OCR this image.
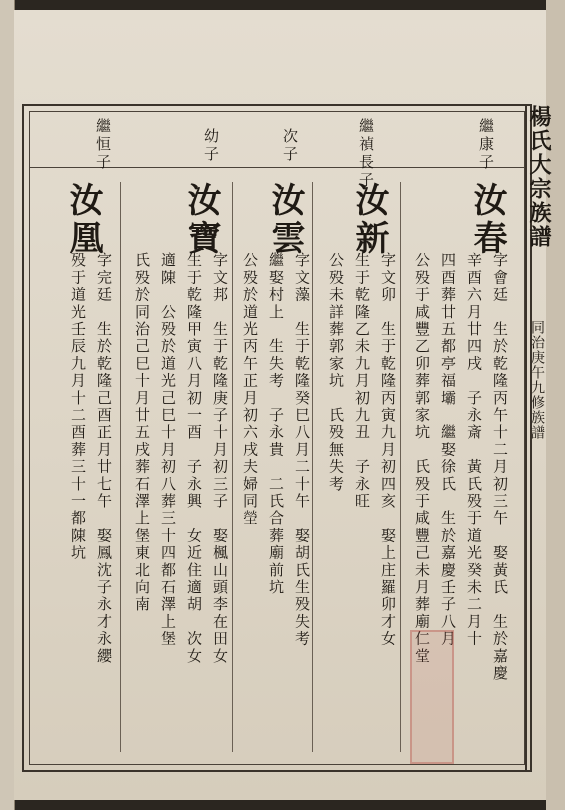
楊氏大宗族譜
同治庚午九修族譜
繼康子
繼禎長子
次子
幼子
繼恒子
汝春
字會廷　生於乾隆丙午十二月初三午　娶黃氏　生於嘉慶
辛酉六月廿四戌　子永斎　黃氏殁于道光癸未二月十
四酉葬廿五都亭福壩　繼娶徐氏　生於嘉慶壬子八月
公殁于咸豐乙卯葬郭家坑　氏殁于咸豐己未月葬廟仁堂
汝新
字文卯　生于乾隆丙寅九月初四亥　娶上庄羅卯才女
生于乾隆乙未九月初九丑　子永旺
公殁未詳葬郭家坑　氏殁無失考
汝雲
字文藻　生于乾隆癸巳八月二十午　娶胡氏生殁失考
繼娶村上　生失考　子永貴　二氏合葬廟前坑
公殁於道光丙午正月初六戌夫婦同塋
汝寶
字文邦　生于乾隆庚子十月初三子　娶楓山頭李在田女
生于乾隆甲寅八月初一酉　子永興　女近住適胡　次女
適陳　公殁於道光己巳十月初八葬三十四都石澤上堡
氏殁於同治己巳十月廿五戌葬石澤上堡東北向南
汝凰
字完廷　生於乾隆己酉正月廿七午　娶鳳沈子永才永纓
殁于道光壬辰九月十二酉葬三十一都陳坑
